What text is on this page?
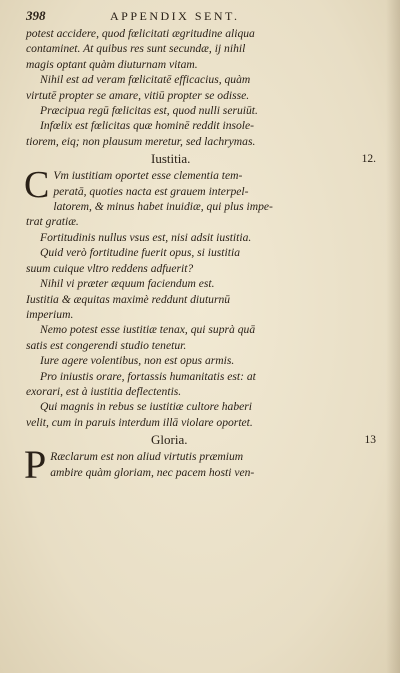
398	APPENDIX SENT.
potest accidere, quod fœlicitati ægritudine aliqua
contaminet. At quibus res sunt secundæ, ij nihil
magis optant quàm diuturnam vitam.
Nihil est ad veram fœlicitatē efficacius, quàm
virtutē propter se amare, vitiū propter se odisse.
Præcipua regū fœlicitas est, quod nulli seruiūt.
Infœlix est fœlicitas quæ hominē reddit insole-
tiorem, eiq; non plausum meretur, sed lachrymas.
Iustitia.	12.
C Vm iustitiam oportet esse clementia tem-
peratā, quoties nacta est grauem interpel-
latorem, & minus habet inuidiæ, qui plus impe-
trat gratiæ.
Fortitudinis nullus vsus est, nisi adsit iustitia.
Quid verò fortitudine fuerit opus, si iustitia
suum cuique vltro reddens adfuerit?
Nihil vi præter æquum faciendum est.
Iustitia & æquitas maximè reddunt diuturnū
imperium.
Nemo potest esse iustitiæ tenax, qui suprà quā
satis est congerendi studio tenetur.
Iure agere volentibus, non est opus armis.
Pro iniustis orare, fortassis humanitatis est: at
exorari, est à iustitia deflectentis.
Qui magnis in rebus se iustitiæ cultore haberi
velit, cum in paruis interdum illā violare oportet.
Gloria.	13
P Ræclarum est non aliud virtutis præmium
ambire quàm gloriam, nec pacem hosti ven-
